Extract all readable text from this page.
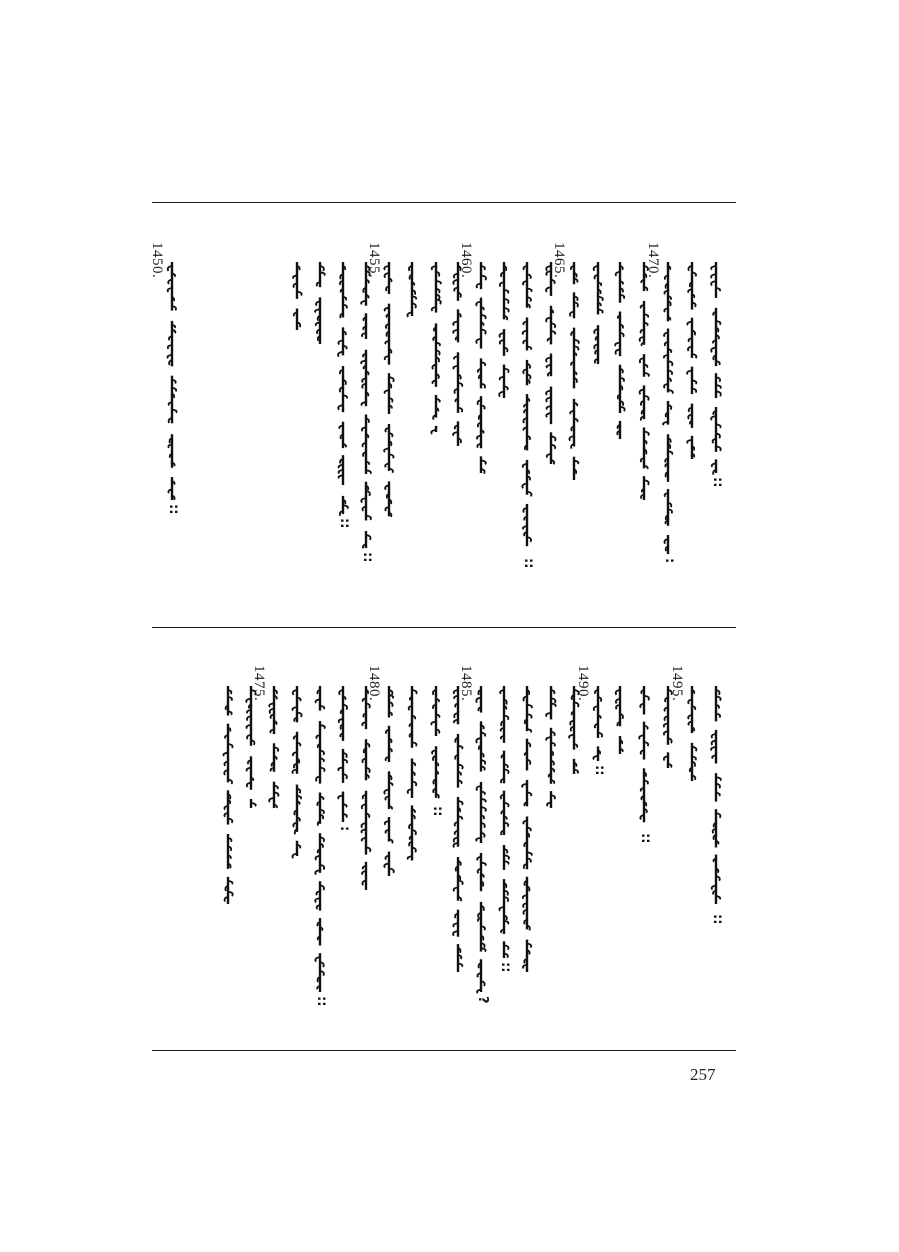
::
:
::
::
::
::
1470.
1465.
1460.
1455.
1450.
::
::
::
::
?
::
:
::
1495.
1490.
1485.
1480.
1475.
257
